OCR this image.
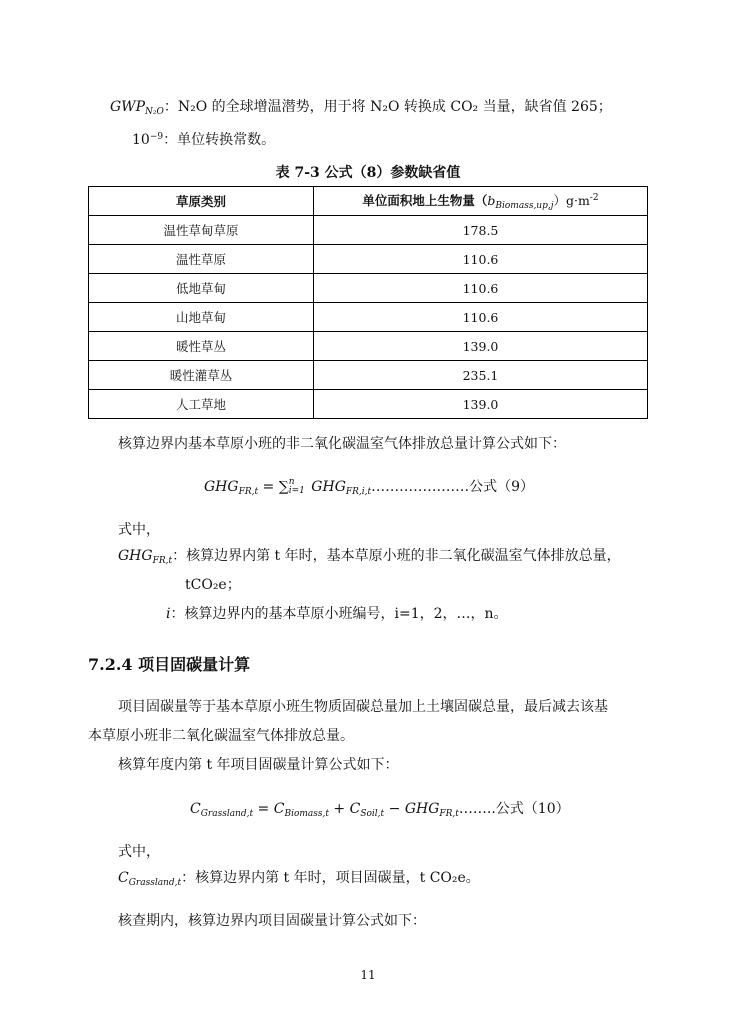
$GWP_{N_2O}$：N₂O 的全球增温潜势，用于将 N₂O 转换成 CO₂ 当量，缺省值 265；
$10^{-9}$：单位转换常数。
表 7-3 公式（8）参数缺省值
草原类别	单位面积地上生物量$(b_{Biomass,up,j})g\cdot m^{-2}$
温性草甸草原	178.5
温性草原	110.6
低地草甸	110.6
山地草甸	110.6
暖性草丛	139.0
暖性灌草丛	235.1
人工草地	139.0
核算边界内基本草原小班的非二氧化碳温室气体排放总量计算公式如下：
$GHG_{FR,t}$ = ∑ n
i=1 $GHG_{FR,i,t}\dots\dots\dots\dots\dots\dots\dots$公式（9）
式中，
$GHG_{FR,t}$：核算边界内第 t 年时，基本草原小班的非二氧化碳温室气体排放总量，
tCO₂e；
i：核算边界内的基本草原小班编号，i=1，2，…，n。
7.2.4 项目固碳量计算
项目固碳量等于基本草原小班生物质固碳总量加上土壤固碳总量，最后减去该基
本草原小班非二氧化碳温室气体排放总量。
核算年度内第 t 年项目固碳量计算公式如下：
$C_{Grassland,t} = C_{Biomass,t} + C_{Soil,t}$ − $GHG_{FR,t}\dots\dots$..公式（10）
式中，
$C_{Grassland,t}$：核算边界内第 t 年时，项目固碳量，t CO₂e。
核查期内，核算边界内项目固碳量计算公式如下：
11
